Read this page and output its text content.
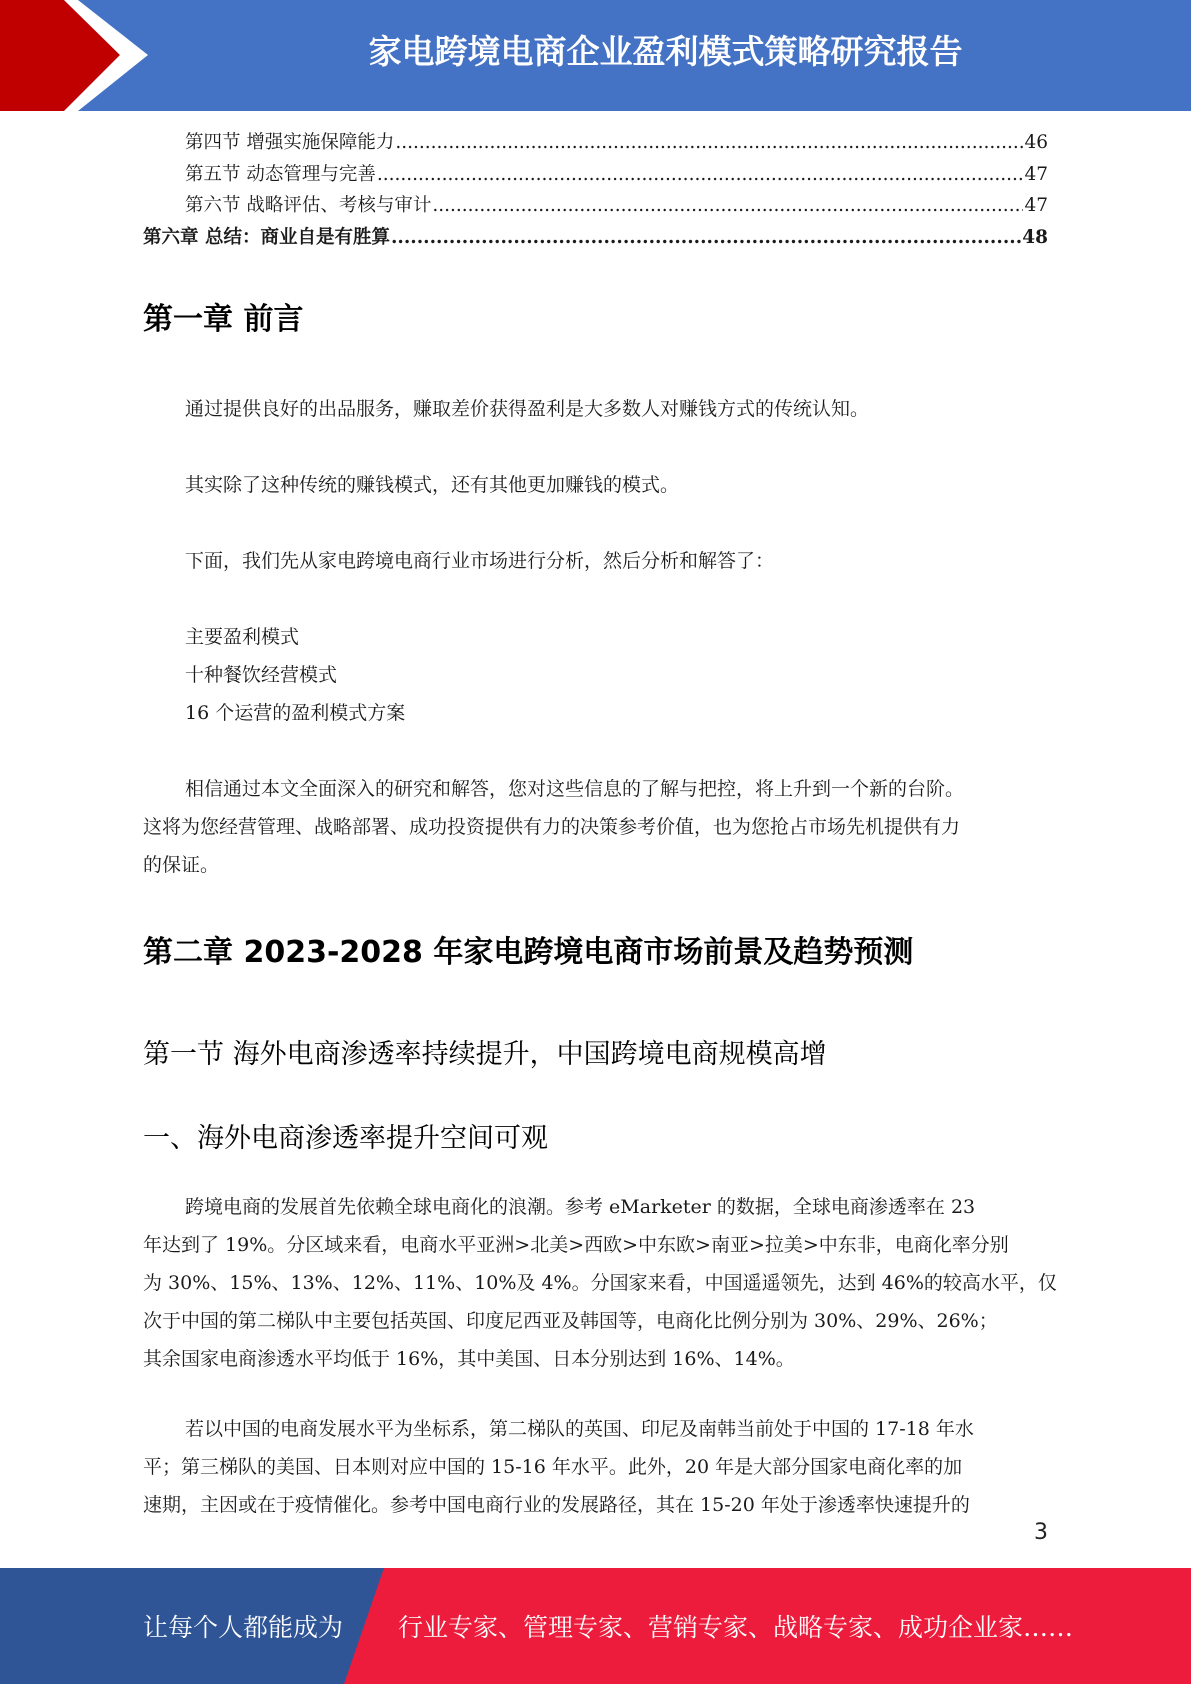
家电跨境电商企业盈利模式策略研究报告
第四节 增强实施保障能力 .....	46
第五节 动态管理与完善 .....	47
第六节 战略评估、考核与审计 .....	47
第六章 总结：商业自是有胜算 .....	48
第一章 前言
通过提供良好的出品服务，赚取差价获得盈利是大多数人对赚钱方式的传统认知。
其实除了这种传统的赚钱模式，还有其他更加赚钱的模式。
下面，我们先从家电跨境电商行业市场进行分析，然后分析和解答了：
主要盈利模式
十种餐饮经营模式
16 个运营的盈利模式方案
相信通过本文全面深入的研究和解答，您对这些信息的了解与把控，将上升到一个新的台阶。
这将为您经营管理、战略部署、成功投资提供有力的决策参考价值，也为您抢占市场先机提供有力
的保证。
第二章 2023-2028 年家电跨境电商市场前景及趋势预测
第一节 海外电商渗透率持续提升，中国跨境电商规模高增
一、海外电商渗透率提升空间可观
跨境电商的发展首先依赖全球电商化的浪潮。参考 eMarketer 的数据，全球电商渗透率在 23
年达到了 19%。分区域来看，电商水平亚洲>北美>西欧>中东欧>南亚>拉美>中东非，电商化率分别
为 30%、15%、13%、12%、11%、10%及 4%。分国家来看，中国遥遥领先，达到 46%的较高水平，仅
次于中国的第二梯队中主要包括英国、印度尼西亚及韩国等，电商化比例分别为 30%、29%、26%；
其余国家电商渗透水平均低于 16%，其中美国、日本分别达到 16%、14%。
若以中国的电商发展水平为坐标系，第二梯队的英国、印尼及南韩当前处于中国的 17-18 年水
平；第三梯队的美国、日本则对应中国的 15-16 年水平。此外，20 年是大部分国家电商化率的加
速期，主因或在于疫情催化。参考中国电商行业的发展路径，其在 15-20 年处于渗透率快速提升的
3
让每个人都能成为 行业专家、管理专家、营销专家、战略专家、成功企业家……
